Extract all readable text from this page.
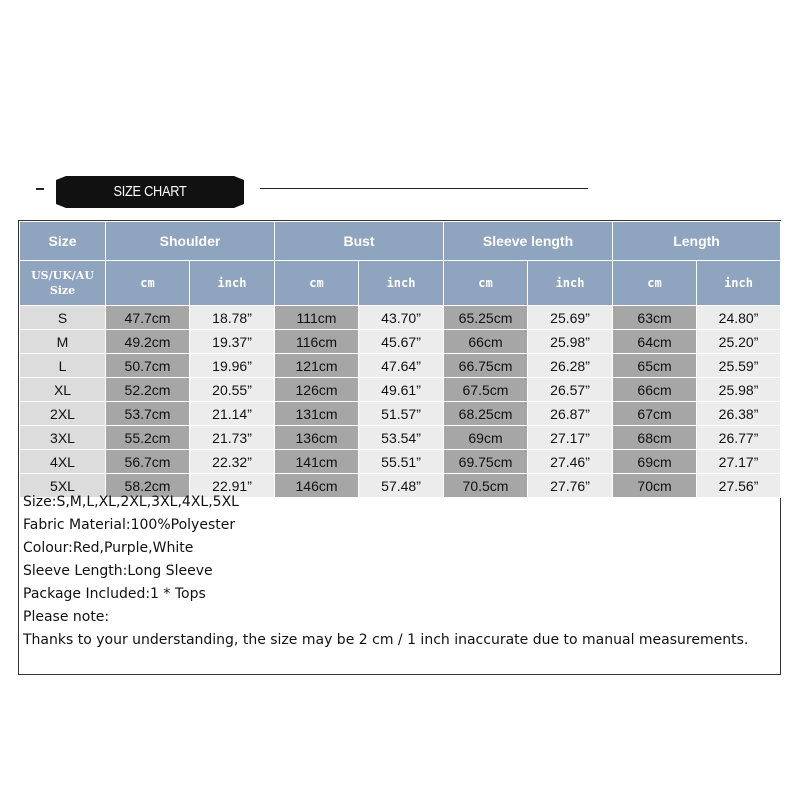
SIZE CHART
Size	Shoulder		Bust		Sleeve length		Length	

US/UK/AU
Size	cm	inch	cm	inch	cm	inch	cm	inch
S	47.7cm	18.78”	111cm	43.70”	65.25cm	25.69”	63cm	24.80”
M	49.2cm	19.37”	116cm	45.67”	66cm	25.98”	64cm	25.20”
L	50.7cm	19.96”	121cm	47.64”	66.75cm	26.28”	65cm	25.59”
XL	52.2cm	20.55”	126cm	49.61”	67.5cm	26.57”	66cm	25.98”
2XL	53.7cm	21.14”	131cm	51.57”	68.25cm	26.87”	67cm	26.38”
3XL	55.2cm	21.73”	136cm	53.54”	69cm	27.17”	68cm	26.77”
4XL	56.7cm	22.32”	141cm	55.51”	69.75cm	27.46”	69cm	27.17”
5XL	58.2cm	22.91”	146cm	57.48”	70.5cm	27.76”	70cm	27.56”
Size:S,M,L,XL,2XL,3XL,4XL,5XL
Fabric Material:100%Polyester
Colour:Red,Purple,White
Sleeve Length:Long Sleeve
Package Included:1 * Tops
Please note:
Thanks to your understanding, the size may be 2 cm / 1 inch inaccurate due to manual measurements.
